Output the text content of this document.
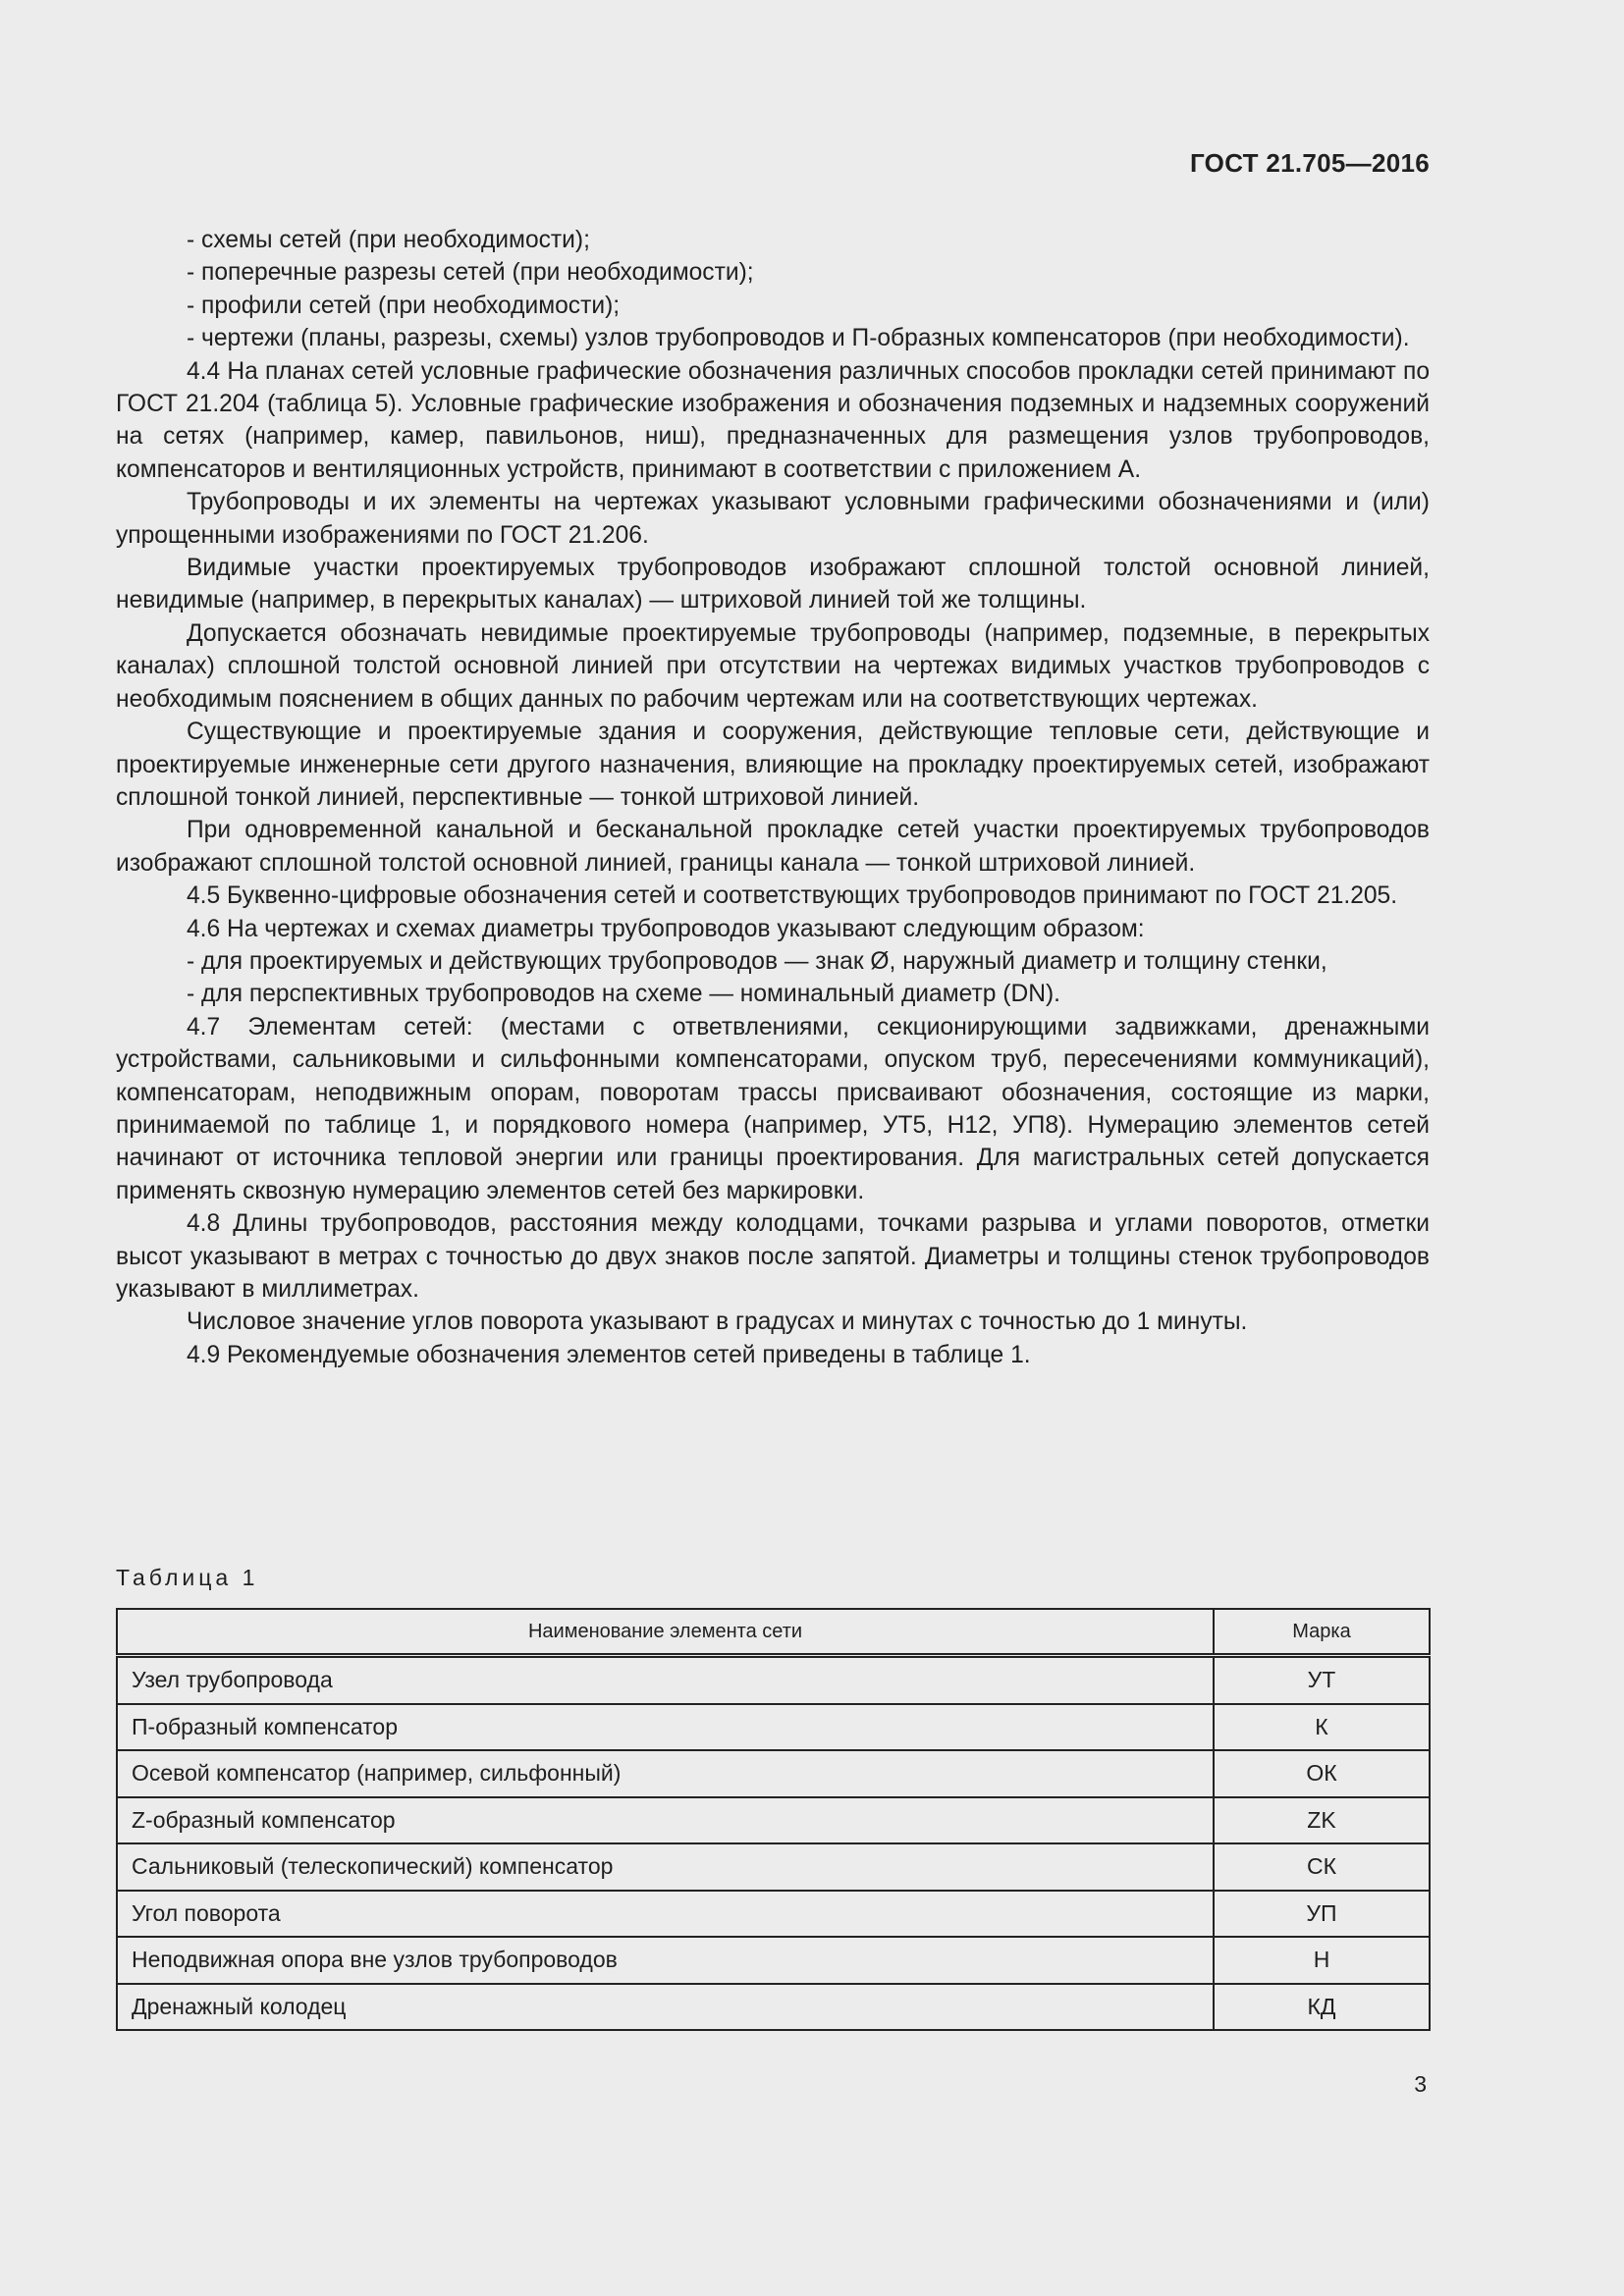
ГОСТ 21.705—2016

- схемы сетей (при необходимости);

- поперечные разрезы сетей (при необходимости);

- профили сетей (при необходимости);

- чертежи (планы, разрезы, схемы) узлов трубопроводов и П-образных компенсаторов (при необходимости).

4.4 На планах сетей условные графические обозначения различных способов прокладки сетей принимают по ГОСТ 21.204 (таблица 5). Условные графические изображения и обозначения подземных и надземных сооружений на сетях (например, камер, павильонов, ниш), предназначенных для размещения узлов трубопроводов, компенсаторов и вентиляционных устройств, принимают в соответствии с приложением А.

Трубопроводы и их элементы на чертежах указывают условными графическими обозначениями и (или) упрощенными изображениями по ГОСТ 21.206.

Видимые участки проектируемых трубопроводов изображают сплошной толстой основной линией, невидимые (например, в перекрытых каналах) — штриховой линией той же толщины.

Допускается обозначать невидимые проектируемые трубопроводы (например, подземные, в перекрытых каналах) сплошной толстой основной линией при отсутствии на чертежах видимых участков трубопроводов с необходимым пояснением в общих данных по рабочим чертежам или на соответствующих чертежах.

Существующие и проектируемые здания и сооружения, действующие тепловые сети, действующие и проектируемые инженерные сети другого назначения, влияющие на прокладку проектируемых сетей, изображают сплошной тонкой линией, перспективные — тонкой штриховой линией.

При одновременной канальной и бесканальной прокладке сетей участки проектируемых трубопроводов изображают сплошной толстой основной линией, границы канала — тонкой штриховой линией.

4.5 Буквенно-цифровые обозначения сетей и соответствующих трубопроводов принимают по ГОСТ 21.205.

4.6 На чертежах и схемах диаметры трубопроводов указывают следующим образом:

- для проектируемых и действующих трубопроводов — знак Ø, наружный диаметр и толщину стенки,

- для перспективных трубопроводов на схеме — номинальный диаметр (DN).

4.7 Элементам сетей: (местами с ответвлениями, секционирующими задвижками, дренажными устройствами, сальниковыми и сильфонными компенсаторами, опуском труб, пересечениями коммуникаций), компенсаторам, неподвижным опорам, поворотам трассы присваивают обозначения, состоящие из марки, принимаемой по таблице 1, и порядкового номера (например, УТ5, Н12, УП8). Нумерацию элементов сетей начинают от источника тепловой энергии или границы проектирования. Для магистральных сетей допускается применять сквозную нумерацию элементов сетей без маркировки.

4.8 Длины трубопроводов, расстояния между колодцами, точками разрыва и углами поворотов, отметки высот указывают в метрах с точностью до двух знаков после запятой. Диаметры и толщины стенок трубопроводов указывают в миллиметрах.

Числовое значение углов поворота указывают в градусах и минутах с точностью до 1 минуты.

4.9 Рекомендуемые обозначения элементов сетей приведены в таблице 1.

Таблица 1
Наименование элемента сети	Марка
Узел трубопровода	УТ
П-образный компенсатор	К
Осевой компенсатор (например, сильфонный)	ОК
Z-образный компенсатор	ZK
Сальниковый (телескопический) компенсатор	СК
Угол поворота	УП
Неподвижная опора вне узлов трубопроводов	Н
Дренажный колодец	КД
3
